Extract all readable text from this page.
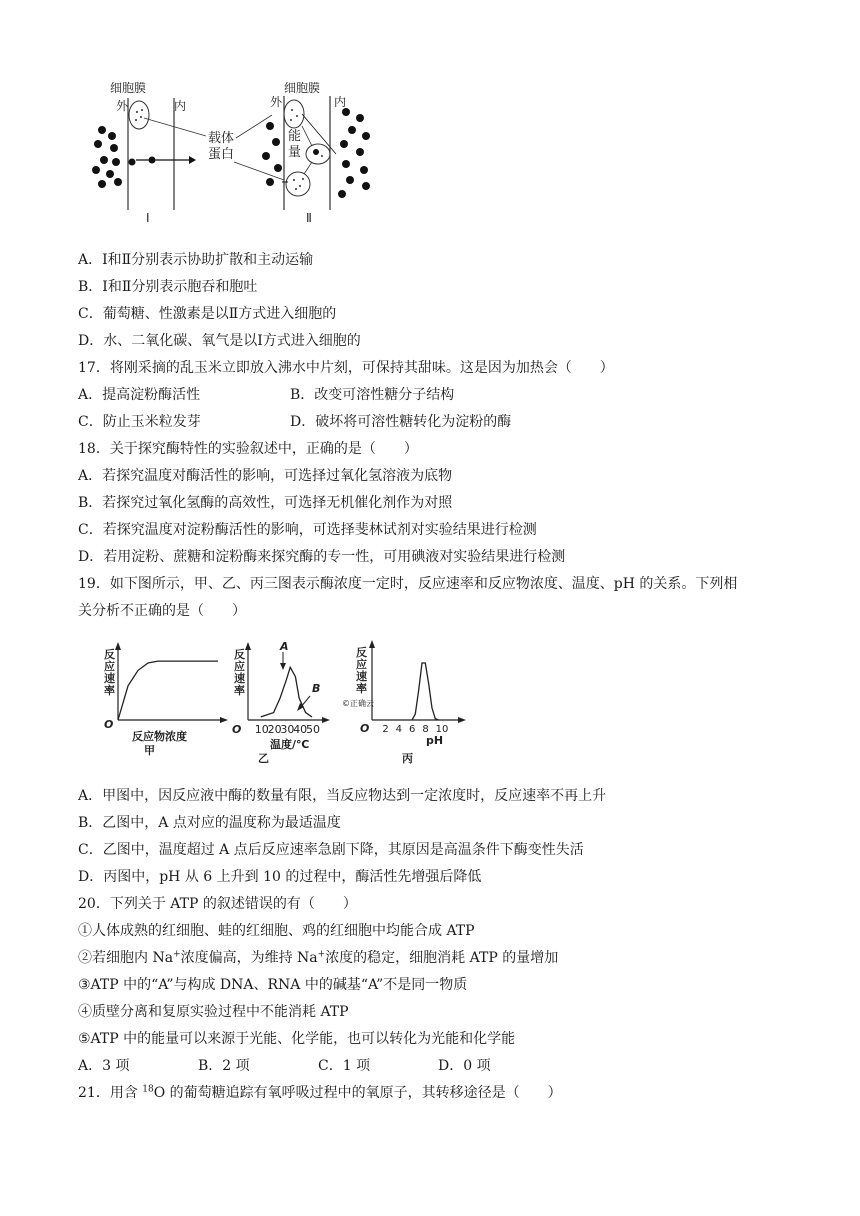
细胞膜
外	内
Ⅰ
载体
蛋白
细胞膜
外	内
能
量
Ⅱ
A．Ⅰ和Ⅱ分别表示协助扩散和主动运输
B．Ⅰ和Ⅱ分别表示胞吞和胞吐
C．葡萄糖、性激素是以Ⅱ方式进入细胞的
D．水、二氧化碳、氧气是以Ⅰ方式进入细胞的
17．将刚采摘的乱玉米立即放入沸水中片刻，可保持其甜味。这是因为加热会（　　）
A．提高淀粉酶活性	B．改变可溶性糖分子结构
C．防止玉米粒发芽	D．破坏将可溶性糖转化为淀粉的酶
18．关于探究酶特性的实验叙述中，正确的是（　　）
A．若探究温度对酶活性的影响，可选择过氧化氢溶液为底物
B．若探究过氧化氢酶的高效性，可选择无机催化剂作为对照
C．若探究温度对淀粉酶活性的影响，可选择斐林试剂对实验结果进行检测
D．若用淀粉、蔗糖和淀粉酶来探究酶的专一性，可用碘液对实验结果进行检测
19．如下图所示，甲、乙、丙三图表示酶浓度一定时，反应速率和反应物浓度、温度、pH 的关系。下列相
关分析不正确的是（　　）
反应速率
O
反应物浓度
甲
A
B
反应速率
O 10
20
30
40
50
温度/℃
乙
反应速率
©正确云
O 2 4 6 8 10
pH
丙
A．甲图中，因反应液中酶的数量有限，当反应物达到一定浓度时，反应速率不再上升
B．乙图中，A 点对应的温度称为最适温度
C．乙图中，温度超过 A 点后反应速率急剧下降，其原因是高温条件下酶变性失活
D．丙图中，pH 从 6 上升到 10 的过程中，酶活性先增强后降低
20．下列关于 ATP 的叙述错误的有（　　）
①人体成熟的红细胞、蛙的红细胞、鸡的红细胞中均能合成 ATP
②若细胞内 Na+浓度偏高，为维持 Na+浓度的稳定，细胞消耗 ATP 的量增加
③ATP 中的“A”与构成 DNA、RNA 中的碱基“A”不是同一物质
④质壁分离和复原实验过程中不能消耗 ATP
⑤ATP 中的能量可以来源于光能、化学能，也可以转化为光能和化学能
A．3 项	B．2 项	C．1 项	D．0 项
21．用含 $^{18}$O 的葡萄糖追踪有氧呼吸过程中的氧原子，其转移途径是（　　）
